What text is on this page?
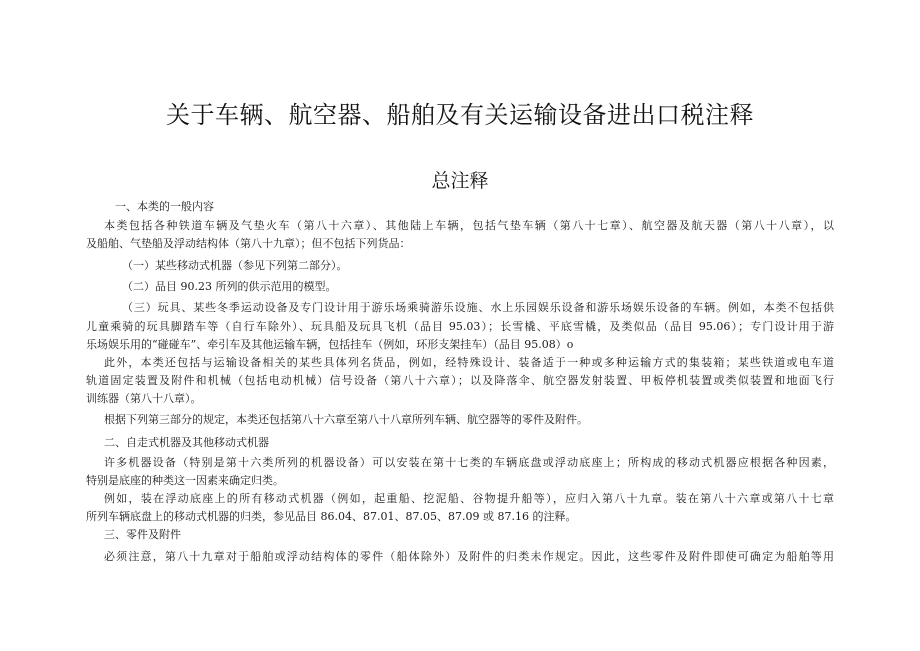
关于车辆、航空器、船舶及有关运输设备进出口税注释
总注释
一、本类的一般内容
本类包括各种铁道车辆及气垫火车（第八十六章）、其他陆上车辆，包括气垫车辆（第八十七章）、航空器及航天器（第八十八章），以
及船舶、气垫船及浮动结构体（第八十九章）；但不包括下列货品：
（一）某些移动式机器（参见下列第二部分）。
（二）品目 90.23 所列的供示范用的模型。
（三）玩具、某些冬季运动设备及专门设计用于游乐场乘骑游乐设施、水上乐园娱乐设备和游乐场娱乐设备的车辆。例如，本类不包括供
儿童乘骑的玩具脚踏车等（自行车除外）、玩具船及玩具飞机（品目 95.03）；长雪橇、平底雪橇，及类似品（品目 95.06）；专门设计用于游
乐场娱乐用的“碰碰车”、牵引车及其他运输车辆，包括挂车（例如，环形支架挂车）（品目 95.08）o
此外，本类还包括与运输设备相关的某些具体列名货品，例如，经特殊设计、装备适于一种或多种运输方式的集装箱；某些铁道或电车道
轨道固定装置及附件和机械（包括电动机械）信号设备（第八十六章）；以及降落伞、航空器发射装置、甲板停机装置或类似装置和地面飞行
训练器（第八十八章）。
根据下列第三部分的规定，本类还包括第八十六章至第八十八章所列车辆、航空器等的零件及附件。
二、自走式机器及其他移动式机器
许多机器设备（特别是第十六类所列的机器设备）可以安装在第十七类的车辆底盘或浮动底座上；所构成的移动式机器应根据各种因素，
特别是底座的种类这一因素来确定归类。
例如，装在浮动底座上的所有移动式机器（例如，起重船、挖泥船、谷物提升船等），应归入第八十九章。装在第八十六章或第八十七章
所列车辆底盘上的移动式机器的归类，参见品目 86.04、87.01、87.05、87.09 或 87.16 的注释。
三、零件及附件
必须注意，第八十九章对于船舶或浮动结构体的零件（船体除外）及附件的归类未作规定。因此，这些零件及附件即使可确定为船舶等用
